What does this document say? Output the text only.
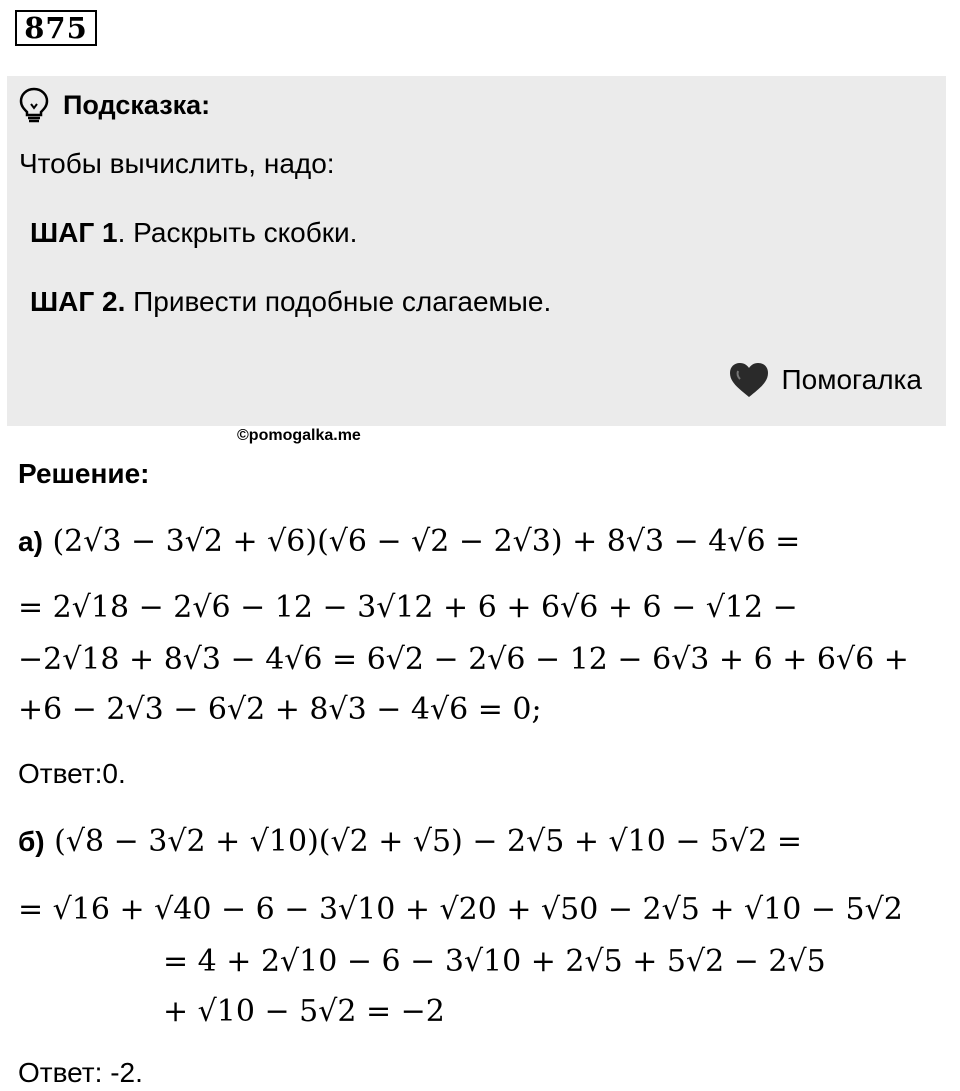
875
Подсказка:
Чтобы вычислить, надо:
ШАГ 1. Раскрыть скобки.
ШАГ 2. Привести подобные слагаемые.
Помогалка
©pomogalka.me
Решение:
а) (2√3 − 3√2 + √6)(√6 − √2 − 2√3) + 8√3 − 4√6 =
= 2√18 − 2√6 − 12 − 3√12 + 6 + 6√6 + 6 − √12 −
−2√18 + 8√3 − 4√6 = 6√2 − 2√6 − 12 − 6√3 + 6 + 6√6 +
+6 − 2√3 − 6√2 + 8√3 − 4√6 = 0;
Ответ:0.
б) (√8 − 3√2 + √10)(√2 + √5) − 2√5 + √10 − 5√2 =
= √16 + √40 − 6 − 3√10 + √20 + √50 − 2√5 + √10 − 5√2
= 4 + 2√10 − 6 − 3√10 + 2√5 + 5√2 − 2√5
+ √10 − 5√2 = −2
Ответ: -2.
